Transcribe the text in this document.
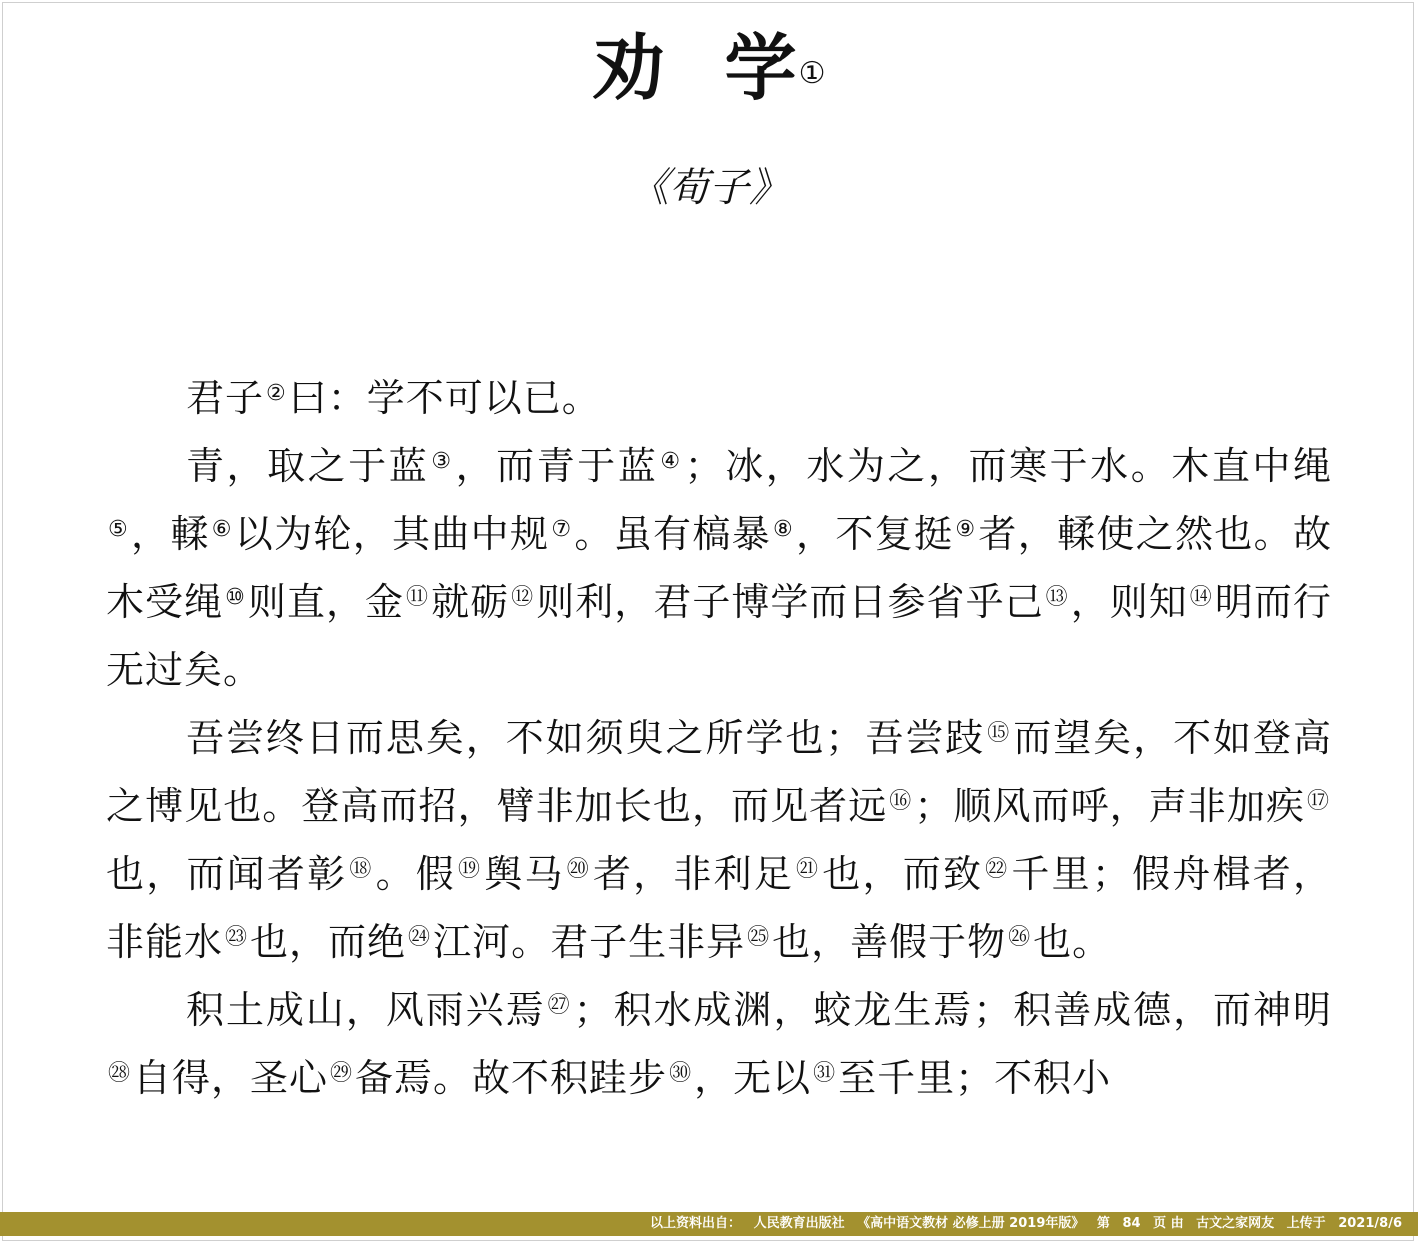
劝 学①
《荀子》

君子②曰：学不可以已。

青，取之于蓝③，而青于蓝④；冰，水为之，而寒于水。木直中绳⑤，輮⑥以为轮，其曲中规⑦。虽有槁暴⑧，不复挺⑨者，輮使之然也。故木受绳⑩则直，金⑪就砺⑫则利，君子博学而日参省乎己⑬，则知⑭明而行无过矣。

吾尝终日而思矣，不如须臾之所学也；吾尝跂⑮而望矣，不如登高之博见也。登高而招，臂非加长也，而见者远⑯；顺风而呼，声非加疾⑰也，而闻者彰⑱。假⑲舆马⑳者，非利足$^㉑$也，而致$^㉒$千里；假舟楫者，非能水$^㉓$也，而绝$^㉔$江河。君子生非异$^㉕$也，善假于物$^㉖$也。

积土成山，风雨兴焉$^㉗$；积水成渊，蛟龙生焉；积善成德，而神明$^㉘$自得，圣心$^㉙$备焉。故不积跬步$^㉚$，无以$^㉛$至千里；不积小

以上资料出自： 人民教育出版社 《高中语文教材 必修上册 2019年版》 第 84 页 由 古文之家网友 上传于 2021/8/6
